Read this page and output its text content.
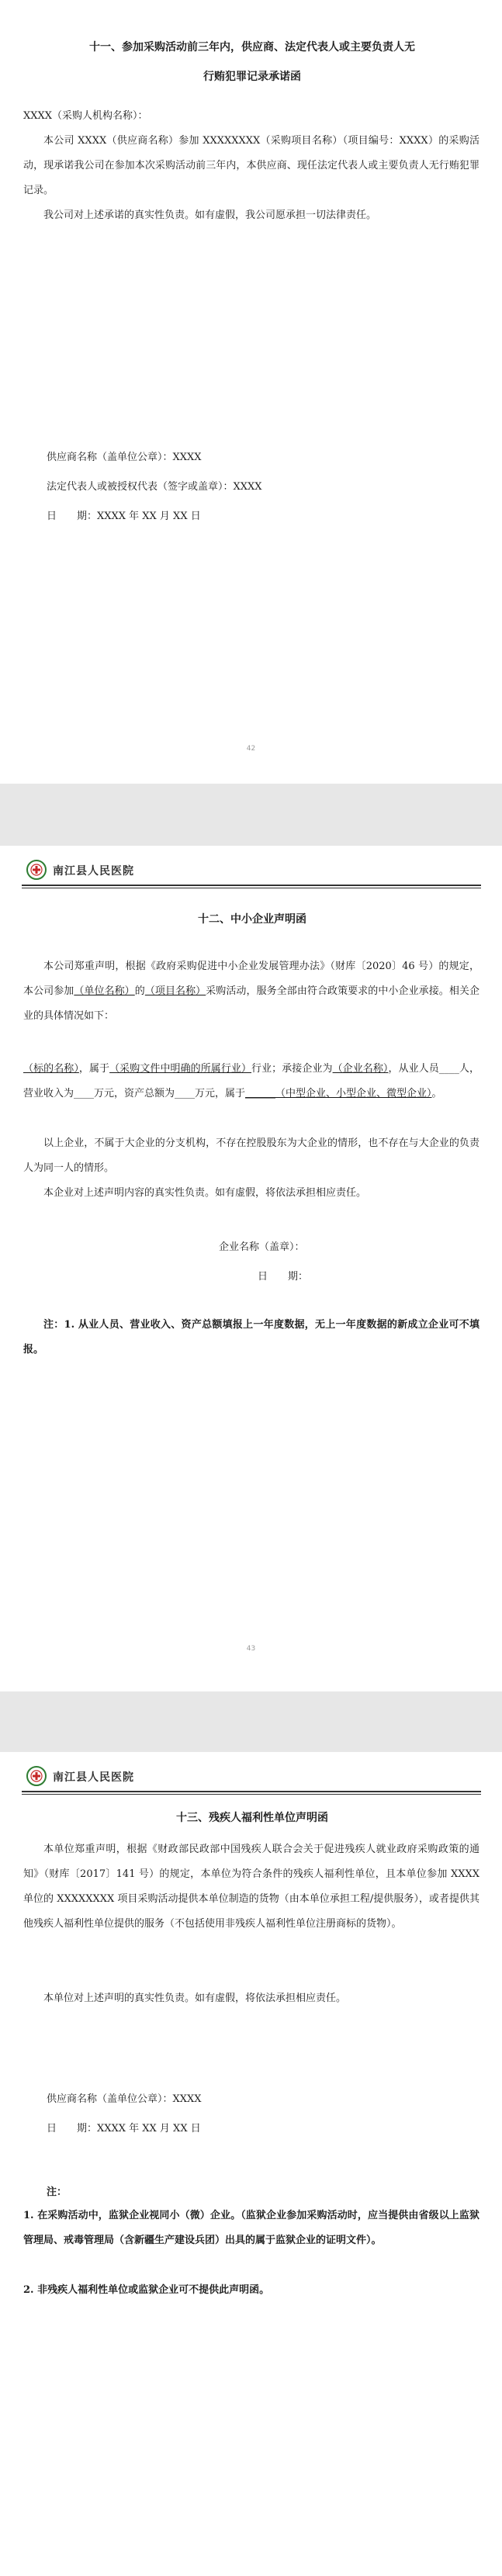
十一、参加采购活动前三年内，供应商、法定代表人或主要负责人无
行贿犯罪记录承诺函
XXXX（采购人机构名称）：

本公司 XXXX（供应商名称）参加 XXXXXXXX（采购项目名称）（项目编号：XXXX）的采购活动，现承诺我公司在参加本次采购活动前三年内，本供应商、现任法定代表人或主要负责人无行贿犯罪记录。

我公司对上述承诺的真实性负责。如有虚假，我公司愿承担一切法律责任。

供应商名称（盖单位公章）：XXXX
法定代表人或被授权代表（签字或盖章）：XXXX
日　　期：XXXX 年 XX 月 XX 日
42
南江县人民医院
十二、中小企业声明函

本公司郑重声明，根据《政府采购促进中小企业发展管理办法》（财库〔2020〕46 号）的规定，本公司参加（单位名称）的（项目名称）采购活动，服务全部由符合政策要求的中小企业承接。相关企业的具体情况如下：

（标的名称），属于（采购文件中明确的所属行业）行业；承接企业为（企业名称），从业人员____人，营业收入为____万元，资产总额为____万元，属于______（中型企业、小型企业、微型企业）。

以上企业，不属于大企业的分支机构，不存在控股股东为大企业的情形，也不存在与大企业的负责人为同一人的情形。

本企业对上述声明内容的真实性负责。如有虚假，将依法承担相应责任。

企业名称（盖章）：
日　　期：

注：1. 从业人员、营业收入、资产总额填报上一年度数据，无上一年度数据的新成立企业可不填报。

43
南江县人民医院
十三、残疾人福利性单位声明函

本单位郑重声明，根据《财政部民政部中国残疾人联合会关于促进残疾人就业政府采购政策的通知》（财库〔2017〕141 号）的规定，本单位为符合条件的残疾人福利性单位，且本单位参加 XXXX 单位的 XXXXXXXX 项目采购活动提供本单位制造的货物（由本单位承担工程/提供服务），或者提供其他残疾人福利性单位提供的服务（不包括使用非残疾人福利性单位注册商标的货物）。

本单位对上述声明的真实性负责。如有虚假，将依法承担相应责任。

供应商名称（盖单位公章）：XXXX
日　　期：XXXX 年 XX 月 XX 日
注：

1. 在采购活动中，监狱企业视同小（微）企业。（监狱企业参加采购活动时，应当提供由省级以上监狱管理局、戒毒管理局（含新疆生产建设兵团）出具的属于监狱企业的证明文件）。

2. 非残疾人福利性单位或监狱企业可不提供此声明函。
